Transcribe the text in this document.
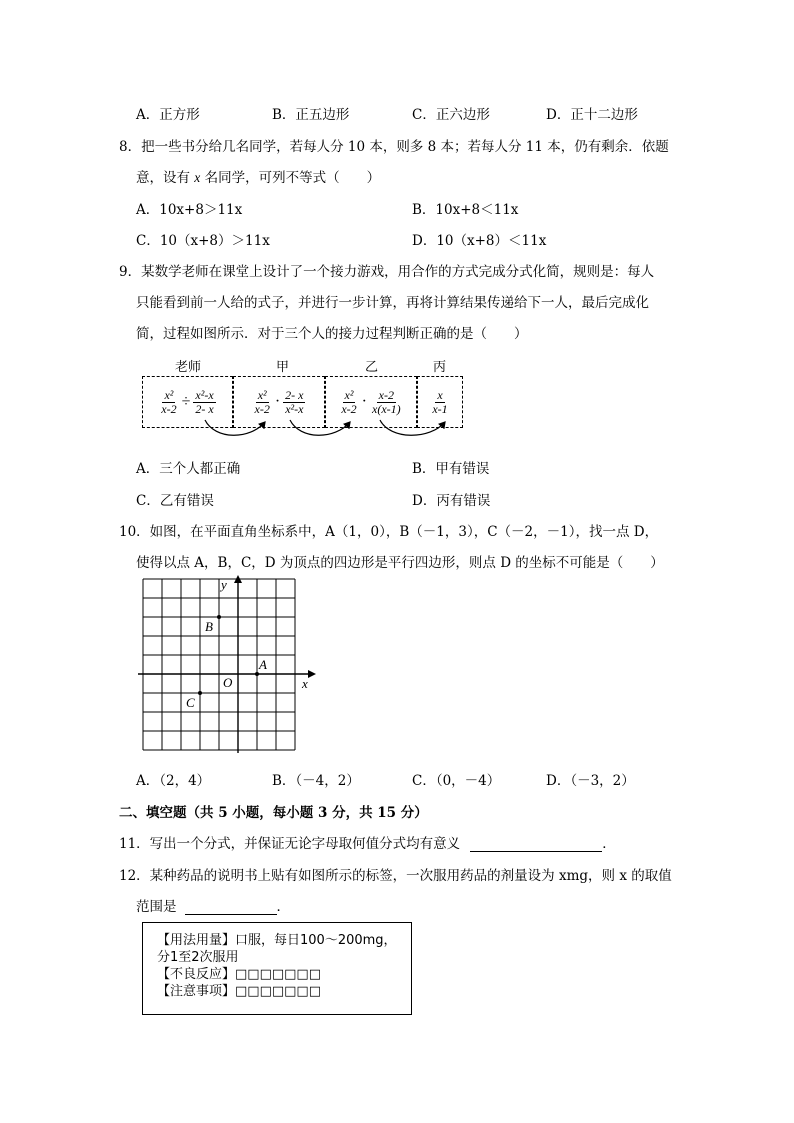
A．正方形	B．正五边形	C．正六边形	D．正十二边形
8．把一些书分给几名同学，若每人分 10 本，则多 8 本；若每人分 11 本，仍有剩余．依题
意，设有 x 名同学，可列不等式（　　）
A．10x+8＞11x	B．10x+8＜11x
C．10（x+8）＞11x	D．10（x+8）＜11x
9．某数学老师在课堂上设计了一个接力游戏，用合作的方式完成分式化简，规则是：每人
只能看到前一人给的式子，并进行一步计算，再将计算结果传递给下一人，最后完成化
简，过程如图所示．对于三个人的接力过程判断正确的是（　　）
老师	甲	乙	丙
$\frac{\text{x²}}{x-2} \div \frac{\text{x²-x}}{2- x}$	$\frac{\text{x²}}{x-2} \cdot \frac{2- x}{\text{x²-x}}$	$\frac{\text{x²}}{x-2} \cdot \frac{x-2}{x(x-1)} \frac{x}{x-1}$
A．三个人都正确	B．甲有错误
C．乙有错误	D．丙有错误
10．如图，在平面直角坐标系中，A（1，0），B（－1，3），C（－2，－1），找一点 D，
使得以点 A，B，C，D 为顶点的四边形是平行四边形，则点 D 的坐标不可能是（　　）
x
y
O
A
B
C
A．（2，4）	B．（－4，2）	C．（0，－4）	D．（－3，2）
二、填空题（共 5 小题，每小题 3 分，共 15 分）
11．写出一个分式，并保证无论字母取何值分式均有意义	．
12．某种药品的说明书上贴有如图所示的标签，一次服用药品的剂量设为 xmg，则 x 的取值
范围是	．
【用法用量】口服，每日100～200mg，
分1至2次服用
【不良反应】□□□□□□□
【注意事项】□□□□□□□
